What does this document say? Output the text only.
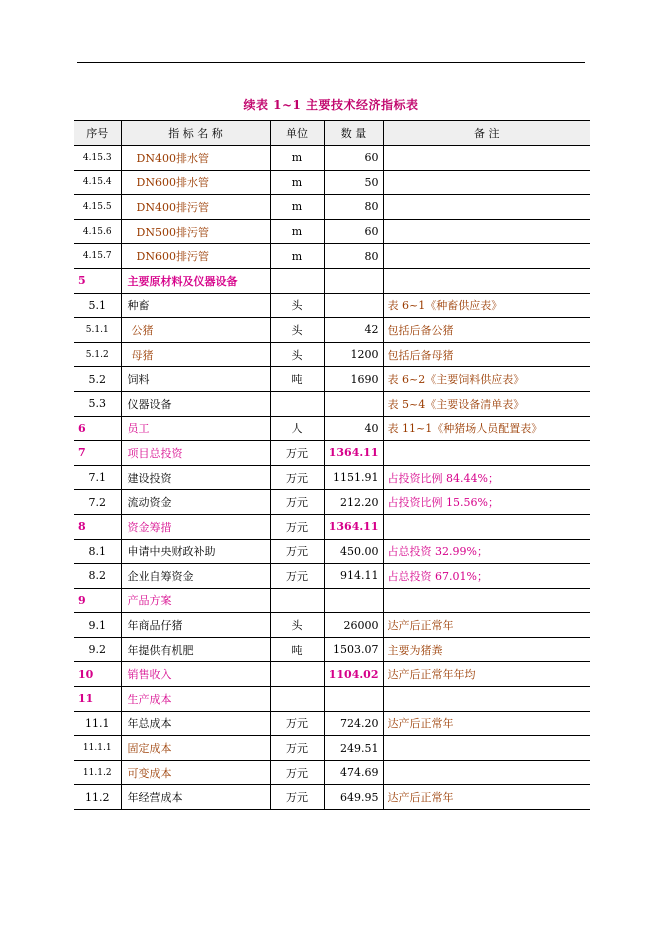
续表 1~1 主要技术经济指标表
序号	指 标 名 称	单位	数 量	备 注
4.15.3	DN400排水管	m	60	
4.15.4	DN600排水管	m	50	
4.15.5	DN400排污管	m	80	
4.15.6	DN500排污管	m	60	
4.15.7	DN600排污管	m	80	
5	主要原材料及仪器设备			
5.1	种畜	头		表 6~1《种畜供应表》
5.1.1	公猪	头	42	包括后备公猪
5.1.2	母猪	头	1200	包括后备母猪
5.2	饲料	吨	1690	表 6~2《主要饲料供应表》
5.3	仪器设备			表 5~4《主要设备清单表》
6	员工	人	40	表 11~1《种猪场人员配置表》
7	项目总投资	万元	1364.11	
7.1	建设投资	万元	1151.91	占投资比例 84.44%；
7.2	流动资金	万元	212.20	占投资比例 15.56%；
8	资金筹措	万元	1364.11	
8.1	申请中央财政补助	万元	450.00	占总投资 32.99%；
8.2	企业自筹资金	万元	914.11	占总投资 67.01%；
9	产品方案			
9.1	年商品仔猪	头	26000	达产后正常年
9.2	年提供有机肥	吨	1503.07	主要为猪粪
10	销售收入		1104.02	达产后正常年年均
11	生产成本			
11.1	年总成本	万元	724.20	达产后正常年
11.1.1	固定成本	万元	249.51	
11.1.2	可变成本	万元	474.69	
11.2	年经营成本	万元	649.95	达产后正常年
